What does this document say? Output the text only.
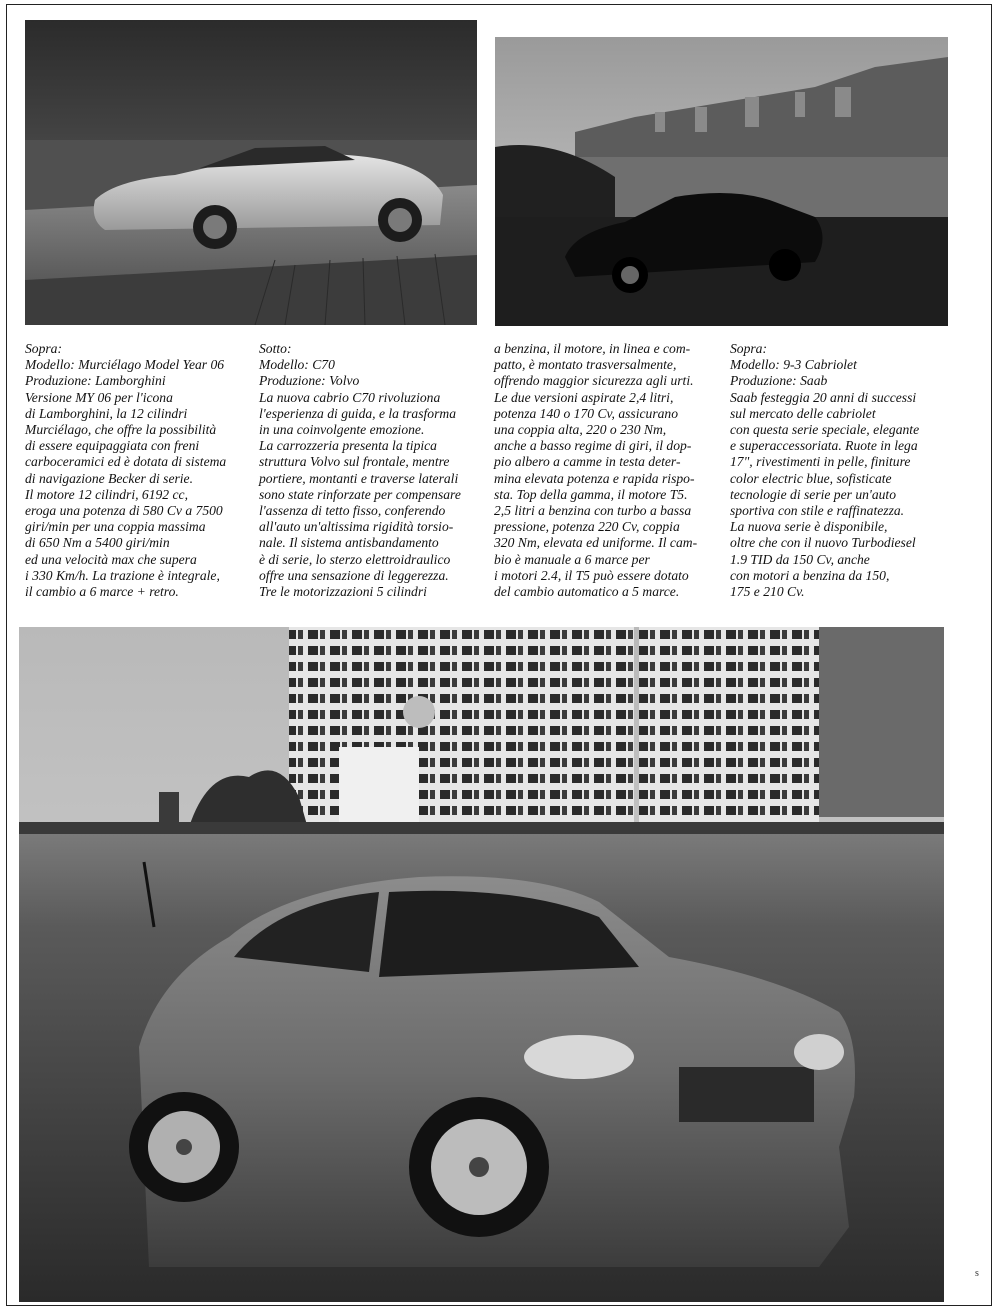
Sopra:
Modello: Murciélago Model Year 06
Produzione: Lamborghini
Versione MY 06 per l'icona
di Lamborghini, la 12 cilindri
Murciélago, che offre la possibilità
di essere equipaggiata con freni
carboceramici ed è dotata di sistema
di navigazione Becker di serie.
Il motore 12 cilindri, 6192 cc,
eroga una potenza di 580 Cv a 7500
giri/min per una coppia massima
di 650 Nm a 5400 giri/min
ed una velocità max che supera
i 330 Km/h. La trazione è integrale,
il cambio a 6 marce + retro.
Sotto:
Modello: C70
Produzione: Volvo
La nuova cabrio C70 rivoluziona
l'esperienza di guida, e la trasforma
in una coinvolgente emozione.
La carrozzeria presenta la tipica
struttura Volvo sul frontale, mentre
portiere, montanti e traverse laterali
sono state rinforzate per compensare
l'assenza di tetto fisso, conferendo
all'auto un'altissima rigidità torsio-
nale. Il sistema antisbandamento
è di serie, lo sterzo elettroidraulico
offre una sensazione di leggerezza.
Tre le motorizzazioni 5 cilindri
a benzina, il motore, in linea e com-
patto, è montato trasversalmente,
offrendo maggior sicurezza agli urti.
Le due versioni aspirate 2,4 litri,
potenza 140 o 170 Cv, assicurano
una coppia alta, 220 o 230 Nm,
anche a basso regime di giri, il dop-
pio albero a camme in testa deter-
mina elevata potenza e rapida rispo-
sta. Top della gamma, il motore T5.
2,5 litri a benzina con turbo a bassa
pressione, potenza 220 Cv, coppia
320 Nm, elevata ed uniforme. Il cam-
bio è manuale a 6 marce per
i motori 2.4, il T5 può essere dotato
del cambio automatico a 5 marce.
Sopra:
Modello: 9-3 Cabriolet
Produzione: Saab
Saab festeggia 20 anni di successi
sul mercato delle cabriolet
con questa serie speciale, elegante
e superaccessoriata. Ruote in lega
17", rivestimenti in pelle, finiture
color electric blue, sofisticate
tecnologie di serie per un'auto
sportiva con stile e raffinatezza.
La nuova serie è disponibile,
oltre che con il nuovo Turbodiesel
1.9 TID da 150 Cv, anche
con motori a benzina da 150,
175 e 210 Cv.
s
